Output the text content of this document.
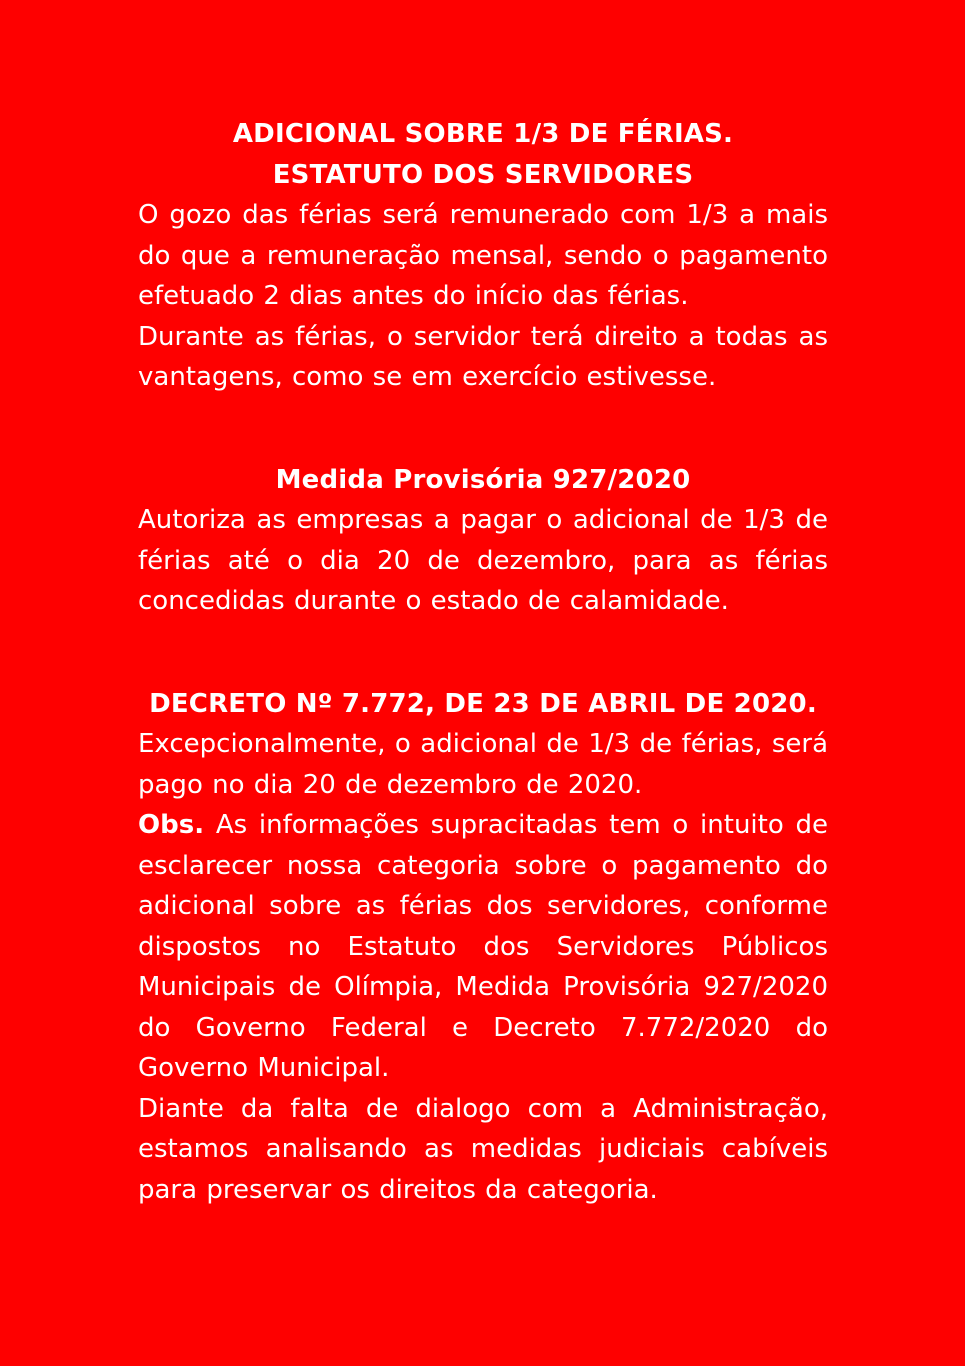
ADICIONAL SOBRE 1/3 DE FÉRIAS.

ESTATUTO DOS SERVIDORES

O gozo das férias será remunerado com 1/3 a mais do que a remuneração mensal, sendo o pagamento efetuado 2 dias antes do início das férias.

Durante as férias, o servidor terá direito a todas as vantagens, como se em exercício estivesse.

Medida Provisória 927/2020

Autoriza as empresas a pagar o adicional de 1/3 de férias até o dia 20 de dezembro, para as férias concedidas durante o estado de calamidade.

DECRETO Nº 7.772, DE 23 DE ABRIL DE 2020.

Excepcionalmente, o adicional de 1/3 de férias, será pago no dia 20 de dezembro de 2020.

Obs. As informações supracitadas tem o intuito de esclarecer nossa categoria sobre o pagamento do adicional sobre as férias dos servidores, conforme dispostos no Estatuto dos Servidores Públicos Municipais de Olímpia, Medida Provisória 927/2020 do Governo Federal e Decreto 7.772/2020 do Governo Municipal.

Diante da falta de dialogo com a Administração, estamos analisando as medidas judiciais cabíveis para preservar os direitos da categoria.
